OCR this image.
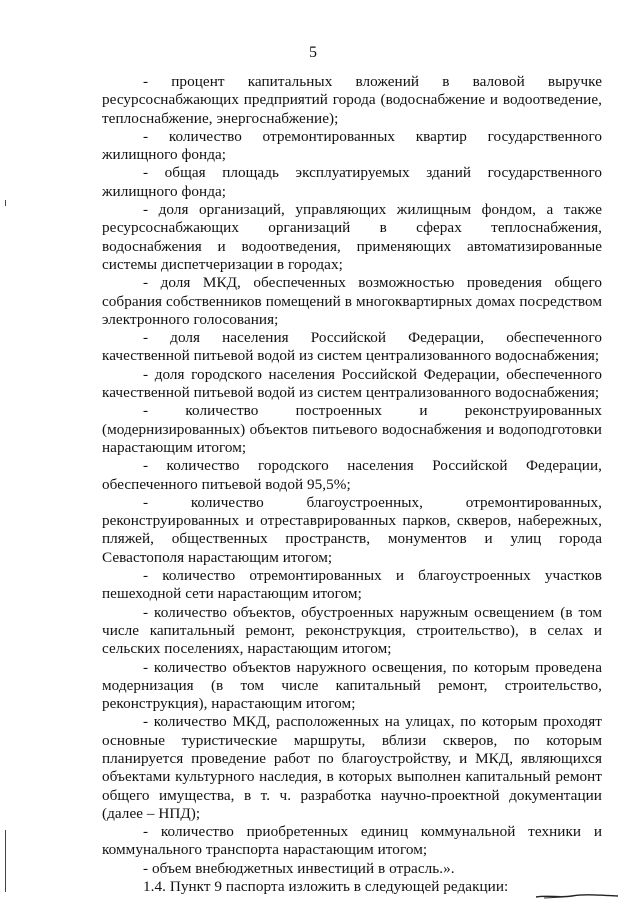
5

- процент капитальных вложений в валовой выручке ресурсоснабжающих предприятий города (водоснабжение и водоотведение, теплоснабжение, энергоснабжение);

- количество отремонтированных квартир государственного жилищного фонда;

- общая площадь эксплуатируемых зданий государственного жилищного фонда;

- доля организаций, управляющих жилищным фондом, а также ресурсоснабжающих организаций в сферах теплоснабжения, водоснабжения и водоотведения, применяющих автоматизированные системы диспетчеризации в городах;

- доля МКД, обеспеченных возможностью проведения общего собрания собственников помещений в многоквартирных домах посредством электронного голосования;

- доля населения Российской Федерации, обеспеченного качественной питьевой водой из систем централизованного водоснабжения;

- доля городского населения Российской Федерации, обеспеченного качественной питьевой водой из систем централизованного водоснабжения;

- количество построенных и реконструированных (модернизированных) объектов питьевого водоснабжения и водоподготовки нарастающим итогом;

- количество городского населения Российской Федерации, обеспеченного питьевой водой 95,5%;

- количество благоустроенных, отремонтированных, реконструированных и отреставрированных парков, скверов, набережных, пляжей, общественных пространств, монументов и улиц города Севастополя нарастающим итогом;

- количество отремонтированных и благоустроенных участков пешеходной сети нарастающим итогом;

- количество объектов, обустроенных наружным освещением (в том числе капитальный ремонт, реконструкция, строительство), в селах и сельских поселениях, нарастающим итогом;

- количество объектов наружного освещения, по которым проведена модернизация (в том числе капитальный ремонт, строительство, реконструкция), нарастающим итогом;

- количество МКД, расположенных на улицах, по которым проходят основные туристические маршруты, вблизи скверов, по которым планируется проведение работ по благоустройству, и МКД, являющихся объектами культурного наследия, в которых выполнен капитальный ремонт общего имущества, в т. ч. разработка научно-проектной документации (далее – НПД);

- количество приобретенных единиц коммунальной техники и коммунального транспорта нарастающим итогом;

- объем внебюджетных инвестиций в отрасль.».

1.4. Пункт 9 паспорта изложить в следующей редакции:
